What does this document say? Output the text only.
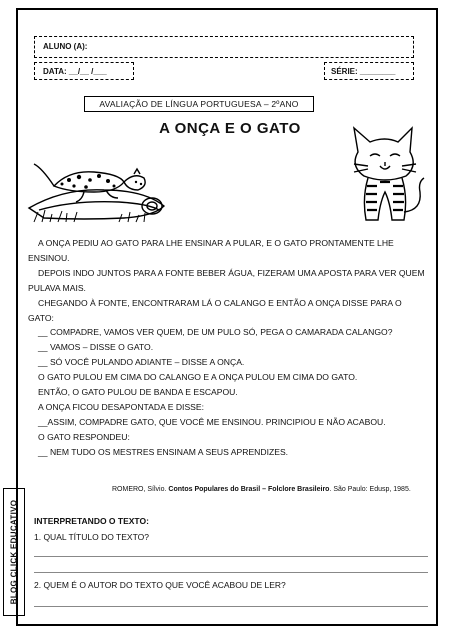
ALUNO (A):
DATA: __/__ /___	SÉRIE: ________
AVALIAÇÃO DE LÍNGUA PORTUGUESA – 2ºANO
A ONÇA E O GATO

A ONÇA PEDIU AO GATO PARA LHE ENSINAR A PULAR, E O GATO PRONTAMENTE LHE ENSINOU.

DEPOIS INDO JUNTOS PARA A FONTE BEBER ÁGUA, FIZERAM UMA APOSTA PARA VER QUEM PULAVA MAIS.

CHEGANDO À FONTE, ENCONTRARAM LÁ O CALANGO E ENTÃO A ONÇA DISSE PARA O GATO:

__ COMPADRE, VAMOS VER QUEM, DE UM PULO SÓ, PEGA O CAMARADA CALANGO?

__ VAMOS – DISSE O GATO.

__ SÓ VOCÊ PULANDO ADIANTE – DISSE A ONÇA.

O GATO PULOU EM CIMA DO CALANGO E A ONÇA PULOU EM CIMA DO GATO.

ENTÃO, O GATO PULOU DE BANDA E ESCAPOU.

A ONÇA FICOU DESAPONTADA E DISSE:

__ASSIM, COMPADRE GATO, QUE VOCÊ ME ENSINOU. PRINCIPIOU E NÃO ACABOU.

O GATO RESPONDEU:

__ NEM TUDO OS MESTRES ENSINAM A SEUS APRENDIZES.

ROMERO, Sílvio. Contos Populares do Brasil – Folclore Brasileiro. São Paulo: Edusp, 1985.
INTERPRETANDO O TEXTO:
1. QUAL TÍTULO DO TEXTO?
2. QUEM É O AUTOR DO TEXTO QUE VOCÊ ACABOU DE LER?
BLOG CLICK EDUCATIVO
